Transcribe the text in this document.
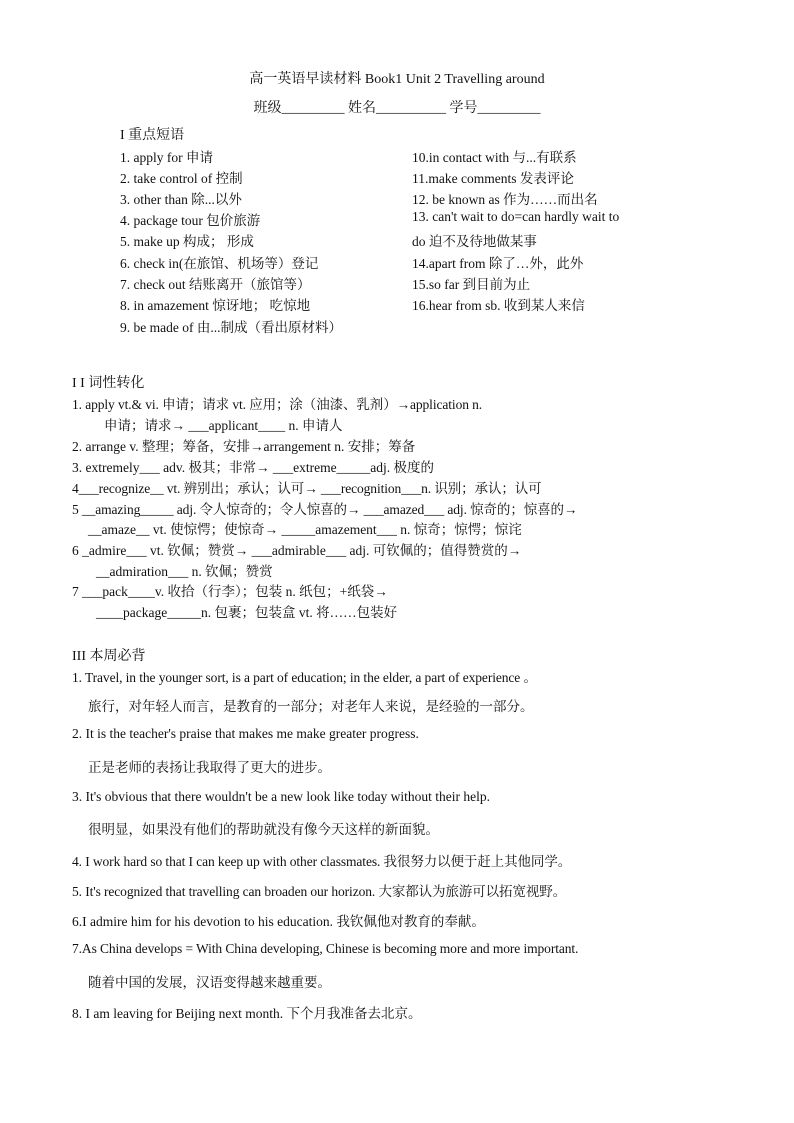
高一英语早读材料 Book1 Unit 2 Travelling around
班级_________ 姓名__________ 学号_________
I 重点短语
1. apply for 申请
2. take control of 控制
3. other than 除...以外
4. package tour 包价旅游
5. make up 构成； 形成
6. check in(在旅馆、机场等）登记
7. check out 结账离开（旅馆等）
8. in amazement 惊讶地； 吃惊地
9. be made of 由...制成（看出原材料）
10.in contact with 与...有联系
11.make comments 发表评论
12. be known as 作为……而出名
13. can't wait to do=can hardly wait to
do 迫不及待地做某事
14.apart from 除了…外，此外
15.so far 到目前为止
16.hear from sb. 收到某人来信
I I 词性转化
1. apply vt.& vi. 申请；请求 vt. 应用；涂（油漆、乳剂）→application n.
申请；请求→ ___applicant____ n. 申请人
2. arrange v. 整理；筹备，安排→arrangement n. 安排；筹备
3. extremely___ adv. 极其；非常→ ___extreme_____adj. 极度的
4___recognize__ vt. 辨别出；承认；认可→ ___recognition___n. 识别；承认；认可
5 __amazing_____ adj. 令人惊奇的；令人惊喜的→ ___amazed___ adj. 惊奇的；惊喜的→
__amaze__ vt. 使惊愕；使惊奇→ _____amazement___ n. 惊奇；惊愕；惊诧
6 _admire___ vt. 钦佩；赞赏→ ___admirable___ adj. 可钦佩的；值得赞赏的→
__admiration___ n. 钦佩；赞赏
7 ___pack____v. 收拾（行李）；包装 n. 纸包；+纸袋→
____package_____n. 包裹；包装盒 vt. 将……包装好
III 本周必背
1. Travel, in the younger sort, is a part of education; in the elder, a part of experience 。
旅行，对年轻人而言，是教育的一部分；对老年人来说，是经验的一部分。
2. It is the teacher's praise that makes me make greater progress.
正是老师的表扬让我取得了更大的进步。
3. It's obvious that there wouldn't be a new look like today without their help.
很明显，如果没有他们的帮助就没有像今天这样的新面貌。
4. I work hard so that I can keep up with other classmates. 我很努力以便于赶上其他同学。
5. It's recognized that travelling can broaden our horizon. 大家都认为旅游可以拓宽视野。
6.I admire him for his devotion to his education. 我钦佩他对教育的奉献。
7.As China develops = With China developing, Chinese is becoming more and more important.
随着中国的发展，汉语变得越来越重要。
8. I am leaving for Beijing next month. 下个月我准备去北京。
